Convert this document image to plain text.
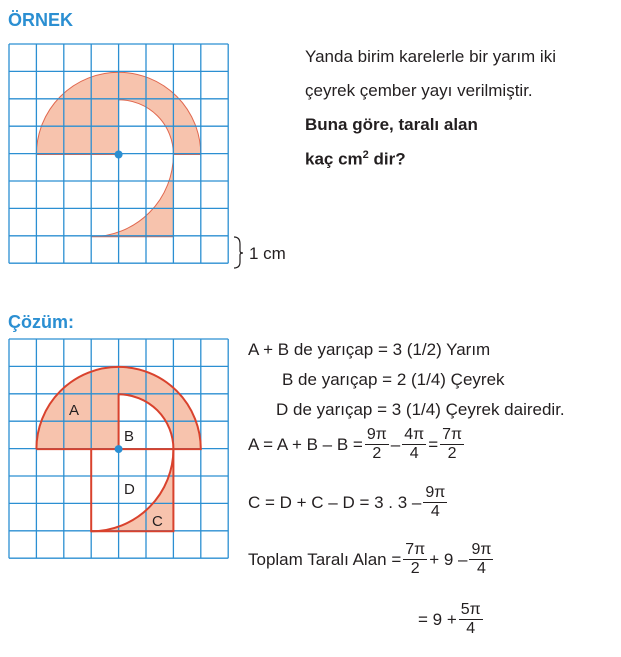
ÖRNEK
A
B
D
C
1 cm
Yanda birim karelerle bir yarım iki
çeyrek çember yayı verilmiştir.
Buna göre, taralı alan
kaç $cm^2$ dir?
Çözüm:
A + B de yarıçap = 3 (1/2) Yarım
B de yarıçap = 2 (1/4) Çeyrek
D de yarıçap = 3 (1/4) Çeyrek dairedir.
$A = A + B - B = \frac{9\pi}{2} - \frac{4\pi}{4} = \frac{7\pi}{2}$
C = D + C – D = 3 . $3 - \frac{9\pi}{4}$
Toplam Taralı Alan = $\frac{7\pi}{2} + 9 - \frac{9\pi}{4}$
= $9 + \frac{5\pi}{4}$
